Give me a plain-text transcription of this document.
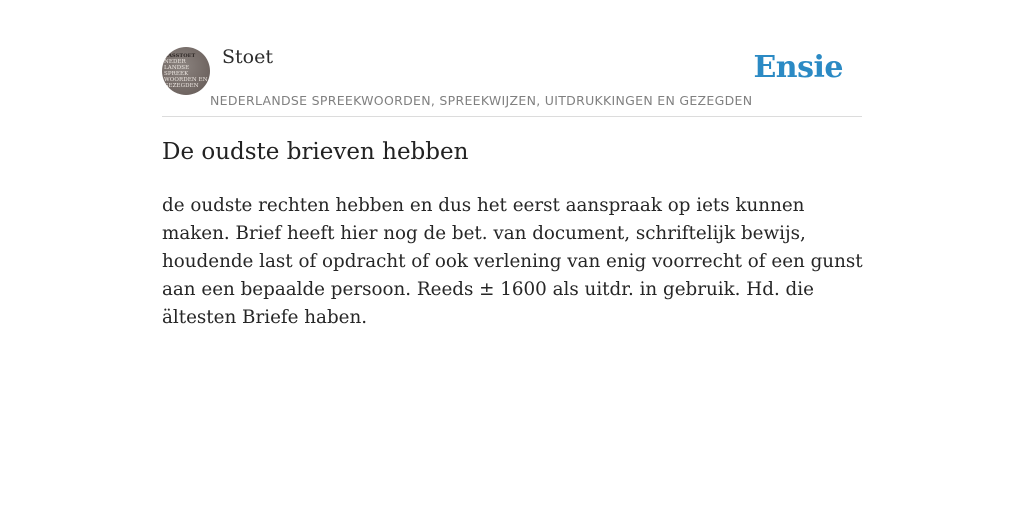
CASSTOET
NEDER
LANDSE
SPREEK
WOORDEN EN
GEZEGDEN
Stoet
NEDERLANDSE SPREEKWOORDEN, SPREEKWIJZEN, UITDRUKKINGEN EN GEZEGDEN
Ensie
De oudste brieven hebben

de oudste rechten hebben en dus het eerst aanspraak op iets kunnen maken. Brief heeft hier nog de bet. van document, schriftelijk bewijs, houdende last of opdracht of ook verlening van enig voorrecht of een gunst aan een bepaalde persoon. Reeds ± 1600 als uitdr. in gebruik. Hd. die ältesten Briefe haben.
